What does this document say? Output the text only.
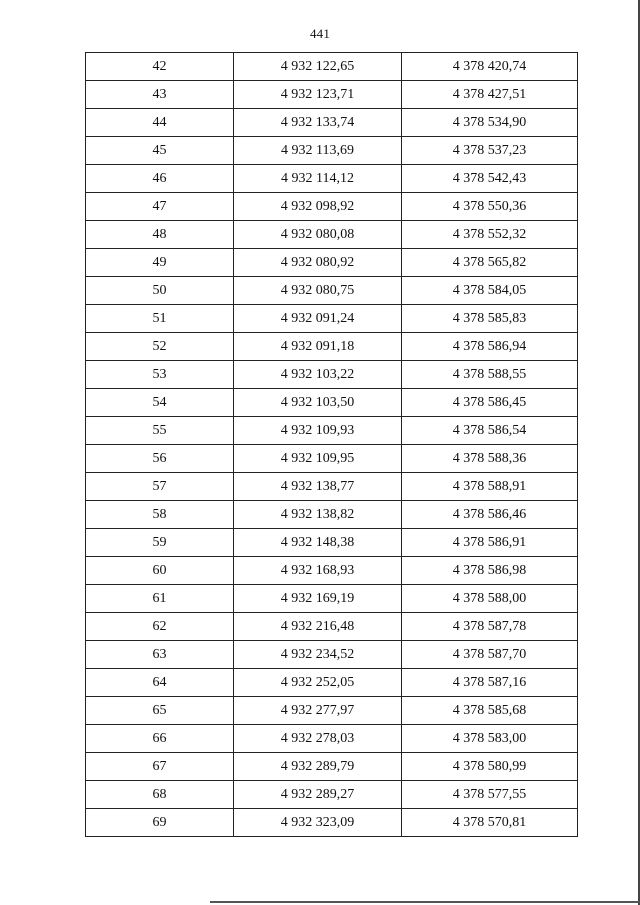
441
42	4 932 122,65	4 378 420,74
43	4 932 123,71	4 378 427,51
44	4 932 133,74	4 378 534,90
45	4 932 113,69	4 378 537,23
46	4 932 114,12	4 378 542,43
47	4 932 098,92	4 378 550,36
48	4 932 080,08	4 378 552,32
49	4 932 080,92	4 378 565,82
50	4 932 080,75	4 378 584,05
51	4 932 091,24	4 378 585,83
52	4 932 091,18	4 378 586,94
53	4 932 103,22	4 378 588,55
54	4 932 103,50	4 378 586,45
55	4 932 109,93	4 378 586,54
56	4 932 109,95	4 378 588,36
57	4 932 138,77	4 378 588,91
58	4 932 138,82	4 378 586,46
59	4 932 148,38	4 378 586,91
60	4 932 168,93	4 378 586,98
61	4 932 169,19	4 378 588,00
62	4 932 216,48	4 378 587,78
63	4 932 234,52	4 378 587,70
64	4 932 252,05	4 378 587,16
65	4 932 277,97	4 378 585,68
66	4 932 278,03	4 378 583,00
67	4 932 289,79	4 378 580,99
68	4 932 289,27	4 378 577,55
69	4 932 323,09	4 378 570,81
